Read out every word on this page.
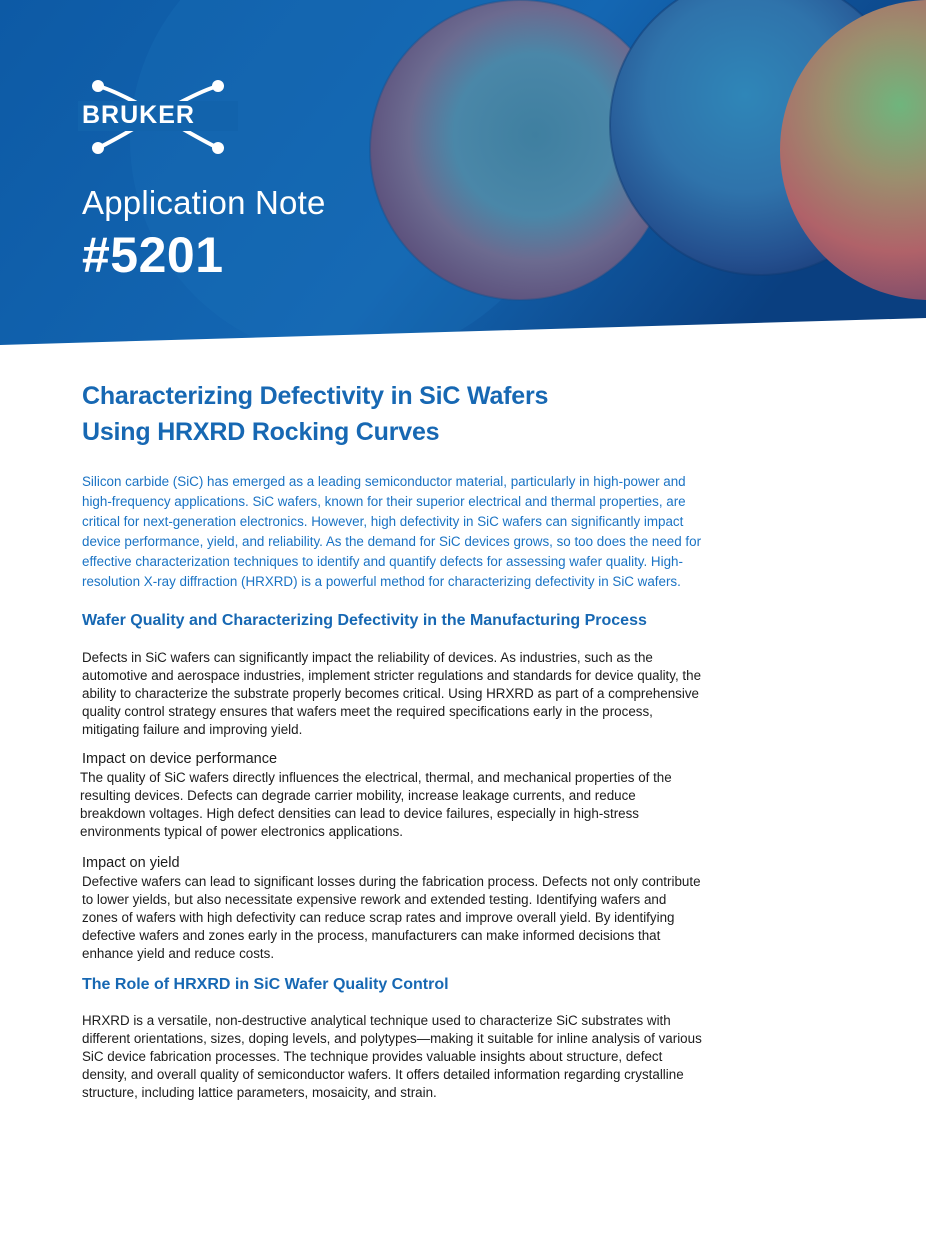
BRUKER
Application Note
#5201
Characterizing Defectivity in SiC Wafers
Using HRXRD Rocking Curves

Silicon carbide (SiC) has emerged as a leading semiconductor material, particularly in high-power and high-frequency applications. SiC wafers, known for their superior electrical and thermal properties, are critical for next-generation electronics. However, high defectivity in SiC wafers can significantly impact device performance, yield, and reliability. As the demand for SiC devices grows, so too does the need for effective characterization techniques to identify and quantify defects for assessing wafer quality. High-resolution X-ray diffraction (HRXRD) is a powerful method for characterizing defectivity in SiC wafers.

Wafer Quality and Characterizing Defectivity in the Manufacturing Process

Defects in SiC wafers can significantly impact the reliability of devices. As industries, such as the automotive and aerospace industries, implement stricter regulations and standards for device quality, the ability to characterize the substrate properly becomes critical. Using HRXRD as part of a comprehensive quality control strategy ensures that wafers meet the required specifications early in the process, mitigating failure and improving yield.

Impact on device performance

The quality of SiC wafers directly influences the electrical, thermal, and mechanical properties of the resulting devices. Defects can degrade carrier mobility, increase leakage currents, and reduce breakdown voltages. High defect densities can lead to device failures, especially in high-stress environments typical of power electronics applications.

Impact on yield

Defective wafers can lead to significant losses during the fabrication process. Defects not only contribute to lower yields, but also necessitate expensive rework and extended testing. Identifying wafers and zones of wafers with high defectivity can reduce scrap rates and improve overall yield. By identifying defective wafers and zones early in the process, manufacturers can make informed decisions that enhance yield and reduce costs.

The Role of HRXRD in SiC Wafer Quality Control

HRXRD is a versatile, non-destructive analytical technique used to characterize SiC substrates with different orientations, sizes, doping levels, and polytypes—making it suitable for inline analysis of various SiC device fabrication processes. The technique provides valuable insights about structure, defect density, and overall quality of semiconductor wafers. It offers detailed information regarding crystalline structure, including lattice parameters, mosaicity, and strain.
